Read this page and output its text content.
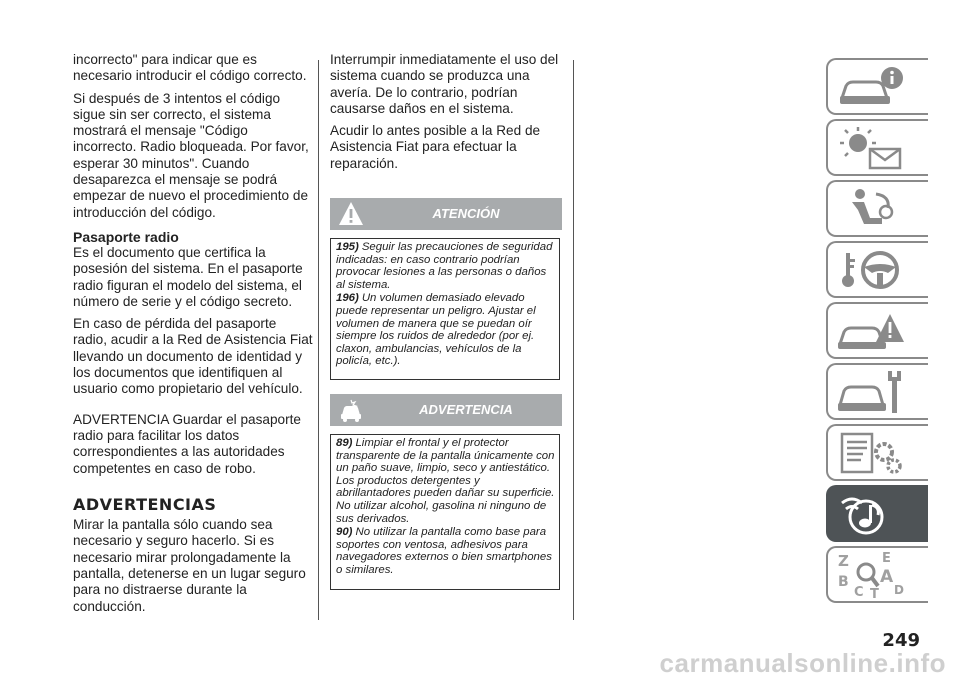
incorrecto" para indicar que es necesario introducir el código correcto.

Si después de 3 intentos el código sigue sin ser correcto, el sistema mostrará el mensaje "Código incorrecto. Radio bloqueada. Por favor, esperar 30 minutos". Cuando desaparezca el mensaje se podrá empezar de nuevo el procedimiento de introducción del código.

Pasaporte radio

Es el documento que certifica la posesión del sistema. En el pasaporte radio figuran el modelo del sistema, el número de serie y el código secreto.

En caso de pérdida del pasaporte radio, acudir a la Red de Asistencia Fiat llevando un documento de identidad y los documentos que identifiquen al usuario como propietario del vehículo.

ADVERTENCIA Guardar el pasaporte radio para facilitar los datos correspondientes a las autoridades competentes en caso de robo.

ADVERTENCIAS

Mirar la pantalla sólo cuando sea necesario y seguro hacerlo. Si es necesario mirar prolongadamente la pantalla, detenerse en un lugar seguro para no distraerse durante la conducción.

Interrumpir inmediatamente el uso del sistema cuando se produzca una avería. De lo contrario, podrían causarse daños en el sistema.

Acudir lo antes posible a la Red de Asistencia Fiat para efectuar la reparación.

ATENCIÓN
195) Seguir las precauciones de seguridad indicadas: en caso contrario podrían provocar lesiones a las personas o daños al sistema.
196) Un volumen demasiado elevado puede representar un peligro. Ajustar el volumen de manera que se puedan oír siempre los ruidos de alrededor (por ej. claxon, ambulancias, vehículos de la policía, etc.).
ADVERTENCIA
89) Limpiar el frontal y el protector transparente de la pantalla únicamente con un paño suave, limpio, seco y antiestático. Los productos detergentes y abrillantadores pueden dañar su superficie. No utilizar alcohol, gasolina ni ninguno de sus derivados.
90) No utilizar la pantalla como base para soportes con ventosa, adhesivos para navegadores externos o bien smartphones o similares.	Z	E
B A
C	D
T
249
carmanualsonline.info
